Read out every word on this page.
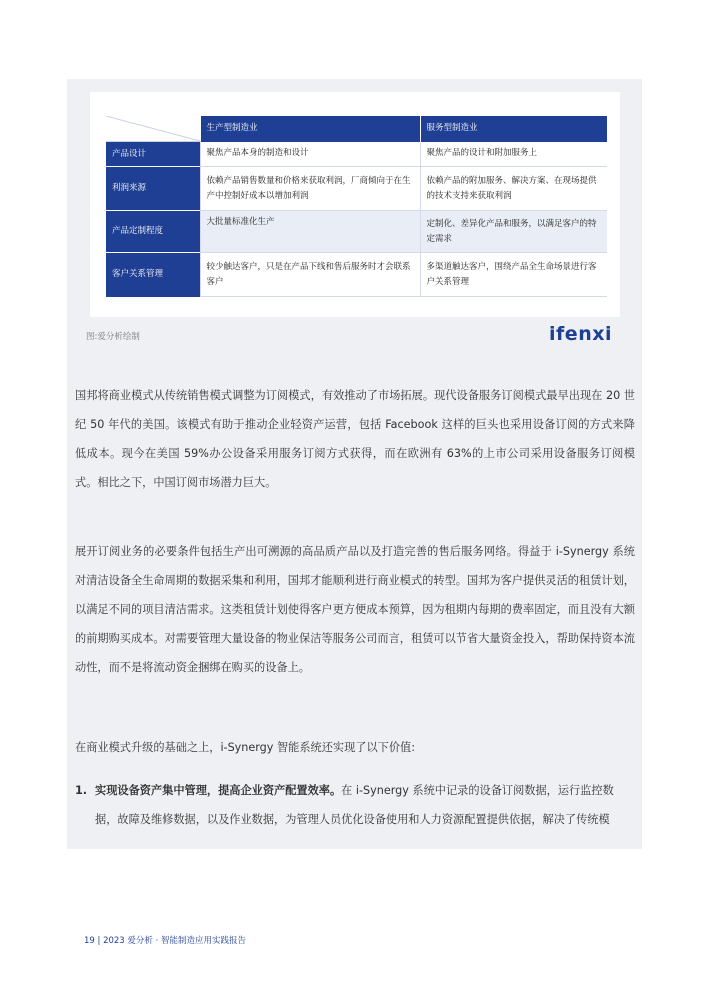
	生产型制造业	服务型制造业
产品设计	聚焦产品本身的制造和设计	聚焦产品的设计和附加服务上
利润来源	依赖产品销售数量和价格来获取利润，厂商倾向于在生产中控制好成本以增加利润	依赖产品的附加服务、解决方案、在现场提供的技术支持来获取利润
产品定制程度	大批量标准化生产	定制化、差异化产品和服务，以满足客户的特定需求
客户关系管理	较少触达客户，只是在产品下线和售后服务时才会联系客户	多渠道触达客户，围绕产品全生命场景进行客户关系管理
图:爱分析绘制	ifenxi

国邦将商业模式从传统销售模式调整为订阅模式，有效推动了市场拓展。现代设备服务订阅模式最早出现在 20 世纪 50 年代的美国。该模式有助于推动企业轻资产运营，包括 Facebook 这样的巨头也采用设备订阅的方式来降低成本。现今在美国 59%办公设备采用服务订阅方式获得，而在欧洲有 63%的上市公司采用设备服务订阅模式。相比之下，中国订阅市场潜力巨大。

展开订阅业务的必要条件包括生产出可溯源的高品质产品以及打造完善的售后服务网络。得益于 i-Synergy 系统对清洁设备全生命周期的数据采集和利用，国邦才能顺利进行商业模式的转型。国邦为客户提供灵活的租赁计划，以满足不同的项目清洁需求。这类租赁计划使得客户更方便成本预算，因为租期内每期的费率固定，而且没有大额的前期购买成本。对需要管理大量设备的物业保洁等服务公司而言，租赁可以节省大量资金投入，帮助保持资本流动性，而不是将流动资金捆绑在购买的设备上。

在商业模式升级的基础之上，i-Synergy 智能系统还实现了以下价值:

1. 实现设备资产集中管理，提高企业资产配置效率。在 i-Synergy 系统中记录的设备订阅数据，运行监控数据，故障及维修数据，以及作业数据，为管理人员优化设备使用和人力资源配置提供依据，解决了传统模
19 | 2023 爱分析 · 智能制造应用实践报告
